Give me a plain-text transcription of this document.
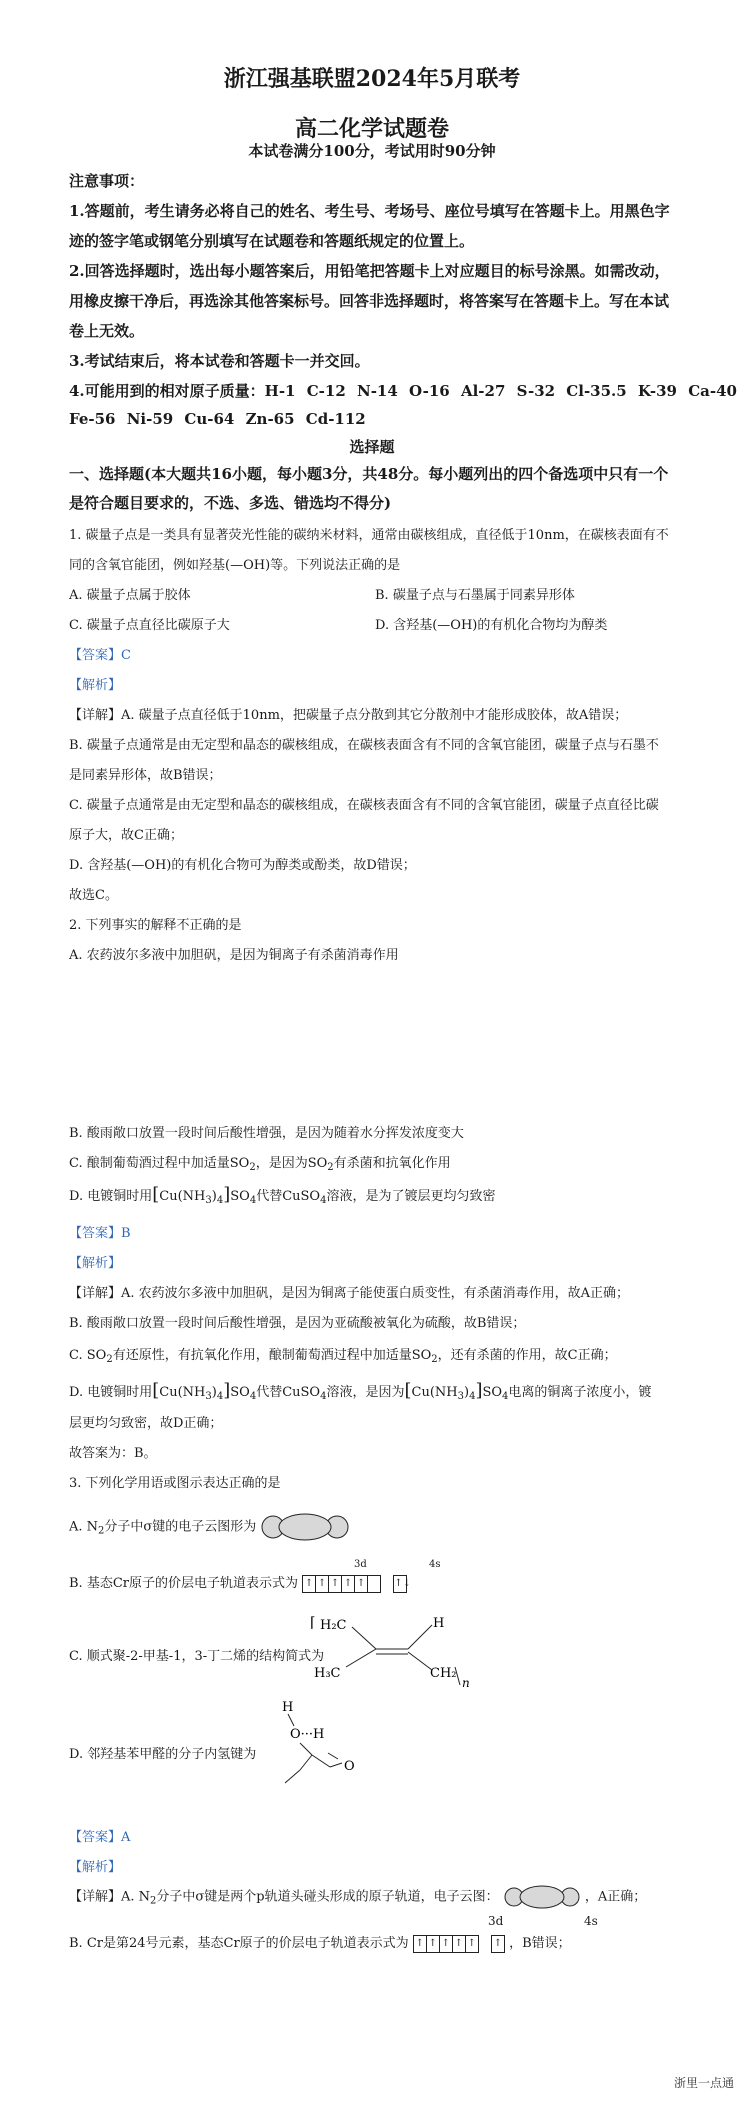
浙江强基联盟2024年5月联考
高二化学试题卷
本试卷满分100分，考试用时90分钟
注意事项：
1.答题前，考生请务必将自己的姓名、考生号、考场号、座位号填写在答题卡上。用黑色字
迹的签字笔或钢笔分别填写在试题卷和答题纸规定的位置上。
2.回答选择题时，选出每小题答案后，用铅笔把答题卡上对应题目的标号涂黑。如需改动，
用橡皮擦干净后，再选涂其他答案标号。回答非选择题时，将答案写在答题卡上。写在本试
卷上无效。
3.考试结束后，将本试卷和答题卡一并交回。
4.可能用到的相对原子质量：H-1 C-12 N-14 O-16 Al-27 S-32 Cl-35.5 K-39 Ca-40
Fe-56 Ni-59 Cu-64 Zn-65 Cd-112
选择题
一、选择题(本大题共16小题，每小题3分，共48分。每小题列出的四个备选项中只有一个
是符合题目要求的，不选、多选、错选均不得分)
1. 碳量子点是一类具有显著荧光性能的碳纳米材料，通常由碳核组成，直径低于10nm，在碳核表面有不
同的含氧官能团，例如羟基(—OH)等。下列说法正确的是
A. 碳量子点属于胶体	B. 碳量子点与石墨属于同素异形体
C. 碳量子点直径比碳原子大	D. 含羟基(—OH)的有机化合物均为醇类
【答案】C
【解析】
【详解】A. 碳量子点直径低于10nm，把碳量子点分散到其它分散剂中才能形成胶体，故A错误；
B. 碳量子点通常是由无定型和晶态的碳核组成，在碳核表面含有不同的含氧官能团，碳量子点与石墨不
是同素异形体，故B错误；
C. 碳量子点通常是由无定型和晶态的碳核组成，在碳核表面含有不同的含氧官能团，碳量子点直径比碳
原子大，故C正确；
D. 含羟基(—OH)的有机化合物可为醇类或酚类，故D错误；
故选C。
2. 下列事实的解释不正确的是
A. 农药波尔多液中加胆矾，是因为铜离子有杀菌消毒作用
B. 酸雨敞口放置一段时间后酸性增强，是因为随着水分挥发浓度变大
C. 酿制葡萄酒过程中加适量$SO_2$，是因为$SO_2$有杀菌和抗氧化作用
D. 电镀铜时用$[Cu(NH_3)_4]SO_4$代替CuSO$_4$溶液，是为了镀层更均匀致密
【答案】B
【解析】
【详解】A. 农药波尔多液中加胆矾，是因为铜离子能使蛋白质变性，有杀菌消毒作用，故A正确；
B. 酸雨敞口放置一段时间后酸性增强，是因为亚硫酸被氧化为硫酸，故B错误；
C. $SO_2$有还原性，有抗氧化作用，酿制葡萄酒过程中加适量$SO_2$，还有杀菌的作用，故C正确；
D. 电镀铜时用$[Cu(NH_3)_4]SO_4$代替CuSO$_4$溶液，是因为$[Cu(NH_3)_4]SO_4$电离的铜离子浓度小，镀
层更均匀致密，故D正确；
故答案为：B。
3. 下列化学用语或图示表达正确的是
A. $N_2$分子中σ键的电子云图形为
B. 基态Cr原子的价层电子轨道表示式为 ↑ ↑ ↑ ↑ ↑
	↑↓
3d	4s
C. 顺式聚-2-甲基-1，3-丁二烯的结构简式为
⌈ H₂C	H
H₃C	CH₂
n
D. 邻羟基苯甲醛的分子内氢键为
H
O···H
O
【答案】A
【解析】
【详解】A. $N_2$分子中σ键是两个p轨道头碰头形成的原子轨道，电子云图：	，A正确；
B. Cr是第24号元素，基态Cr原子的价层电子轨道表示式为 ↑ ↑ ↑ ↑ ↑
↑ ，B错误；
3d	4s
浙里一点通
